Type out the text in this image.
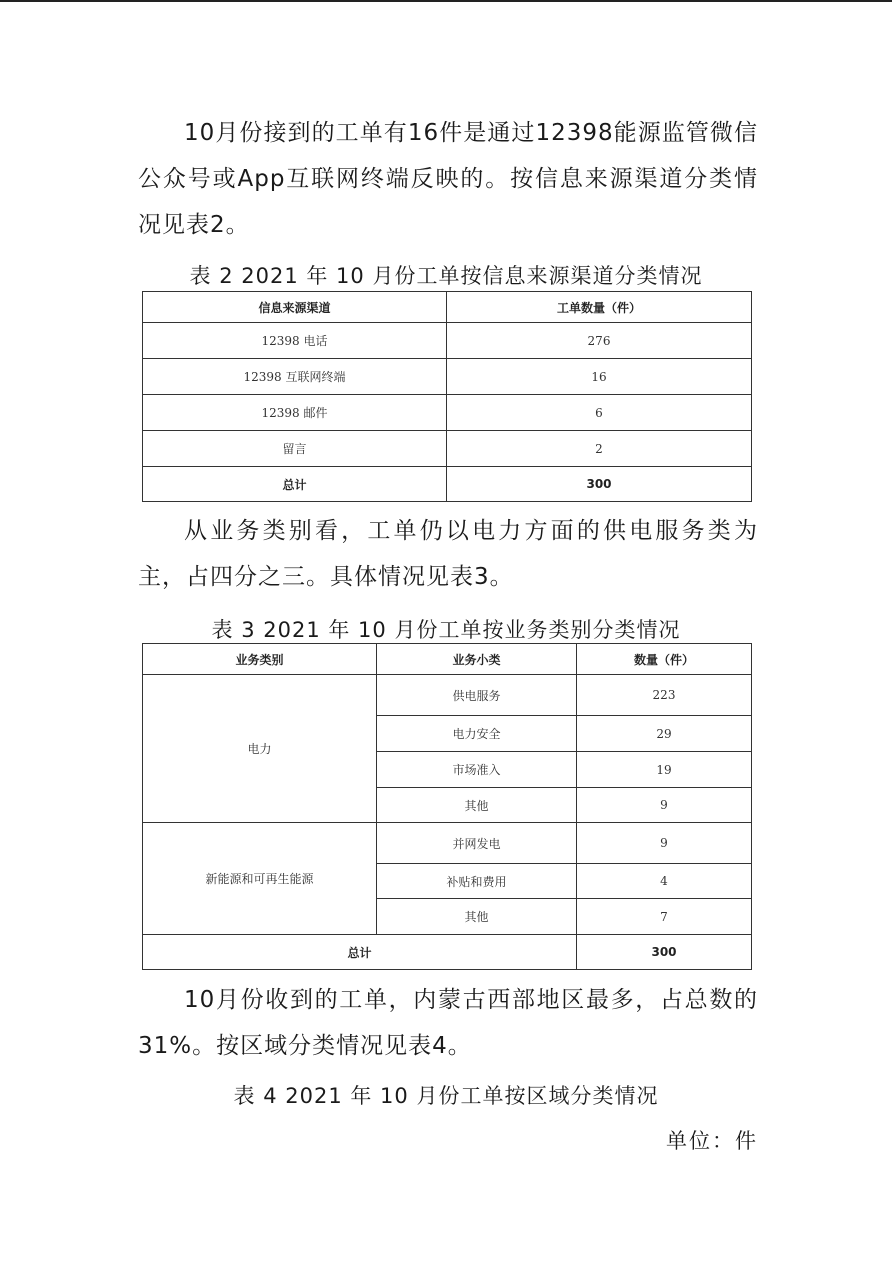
10月份接到的工单有16件是通过12398能源监管微信公众号或App互联网终端反映的。按信息来源渠道分类情况见表2。

表 2 2021 年 10 月份工单按信息来源渠道分类情况

信息来源渠道	工单数量（件）
12398 电话	276
12398 互联网终端	16
12398 邮件	6
留言	2
总计	300

从业务类别看，工单仍以电力方面的供电服务类为主，占四分之三。具体情况见表3。

表 3 2021 年 10 月份工单按业务类别分类情况

业务类别	业务小类	数量（件）
电力	供电服务	223
	电力安全	29
	市场准入	19
	其他	9
新能源和可再生能源	并网发电	9
	补贴和费用	4
	其他	7
总计		300

10月份收到的工单，内蒙古西部地区最多，占总数的31%。按区域分类情况见表4。

表 4 2021 年 10 月份工单按区域分类情况

单位：件
